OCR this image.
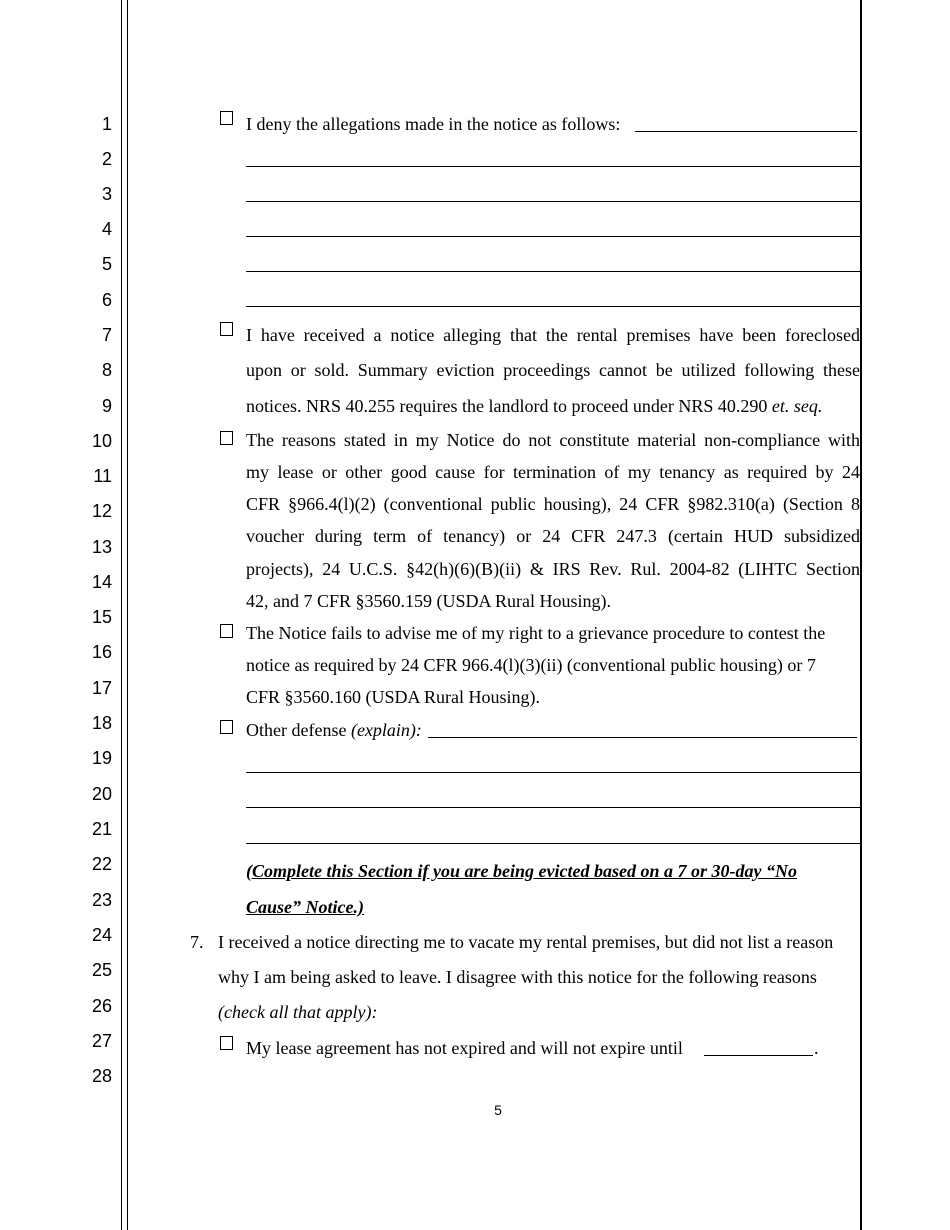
1
2
3
4
5
6
7
8
9
10
11
12
13
14
15
16
17
18
19
20
21
22
23
24
25
26
27
28
I deny the allegations made in the notice as follows:
I have received a notice alleging that the rental premises have been foreclosed
upon or sold. Summary eviction proceedings cannot be utilized following these
notices. NRS 40.255 requires the landlord to proceed under NRS 40.290 et. seq.
The reasons stated in my Notice do not constitute material non-compliance with
my lease or other good cause for termination of my tenancy as required by 24
CFR §966.4(l)(2) (conventional public housing), 24 CFR §982.310(a) (Section 8
voucher during term of tenancy) or 24 CFR 247.3 (certain HUD subsidized
projects), 24 U.C.S. §42(h)(6)(B)(ii) & IRS Rev. Rul. 2004-82 (LIHTC Section
42, and 7 CFR §3560.159 (USDA Rural Housing).
The Notice fails to advise me of my right to a grievance procedure to contest the
notice as required by 24 CFR 966.4(l)(3)(ii) (conventional public housing) or 7
CFR §3560.160 (USDA Rural Housing).
Other defense (explain):
(Complete this Section if you are being evicted based on a 7 or 30-day “No
Cause” Notice.)
7. I received a notice directing me to vacate my rental premises, but did not list a reason
why I am being asked to leave. I disagree with this notice for the following reasons
(check all that apply):
My lease agreement has not expired and will not expire until	.
5
